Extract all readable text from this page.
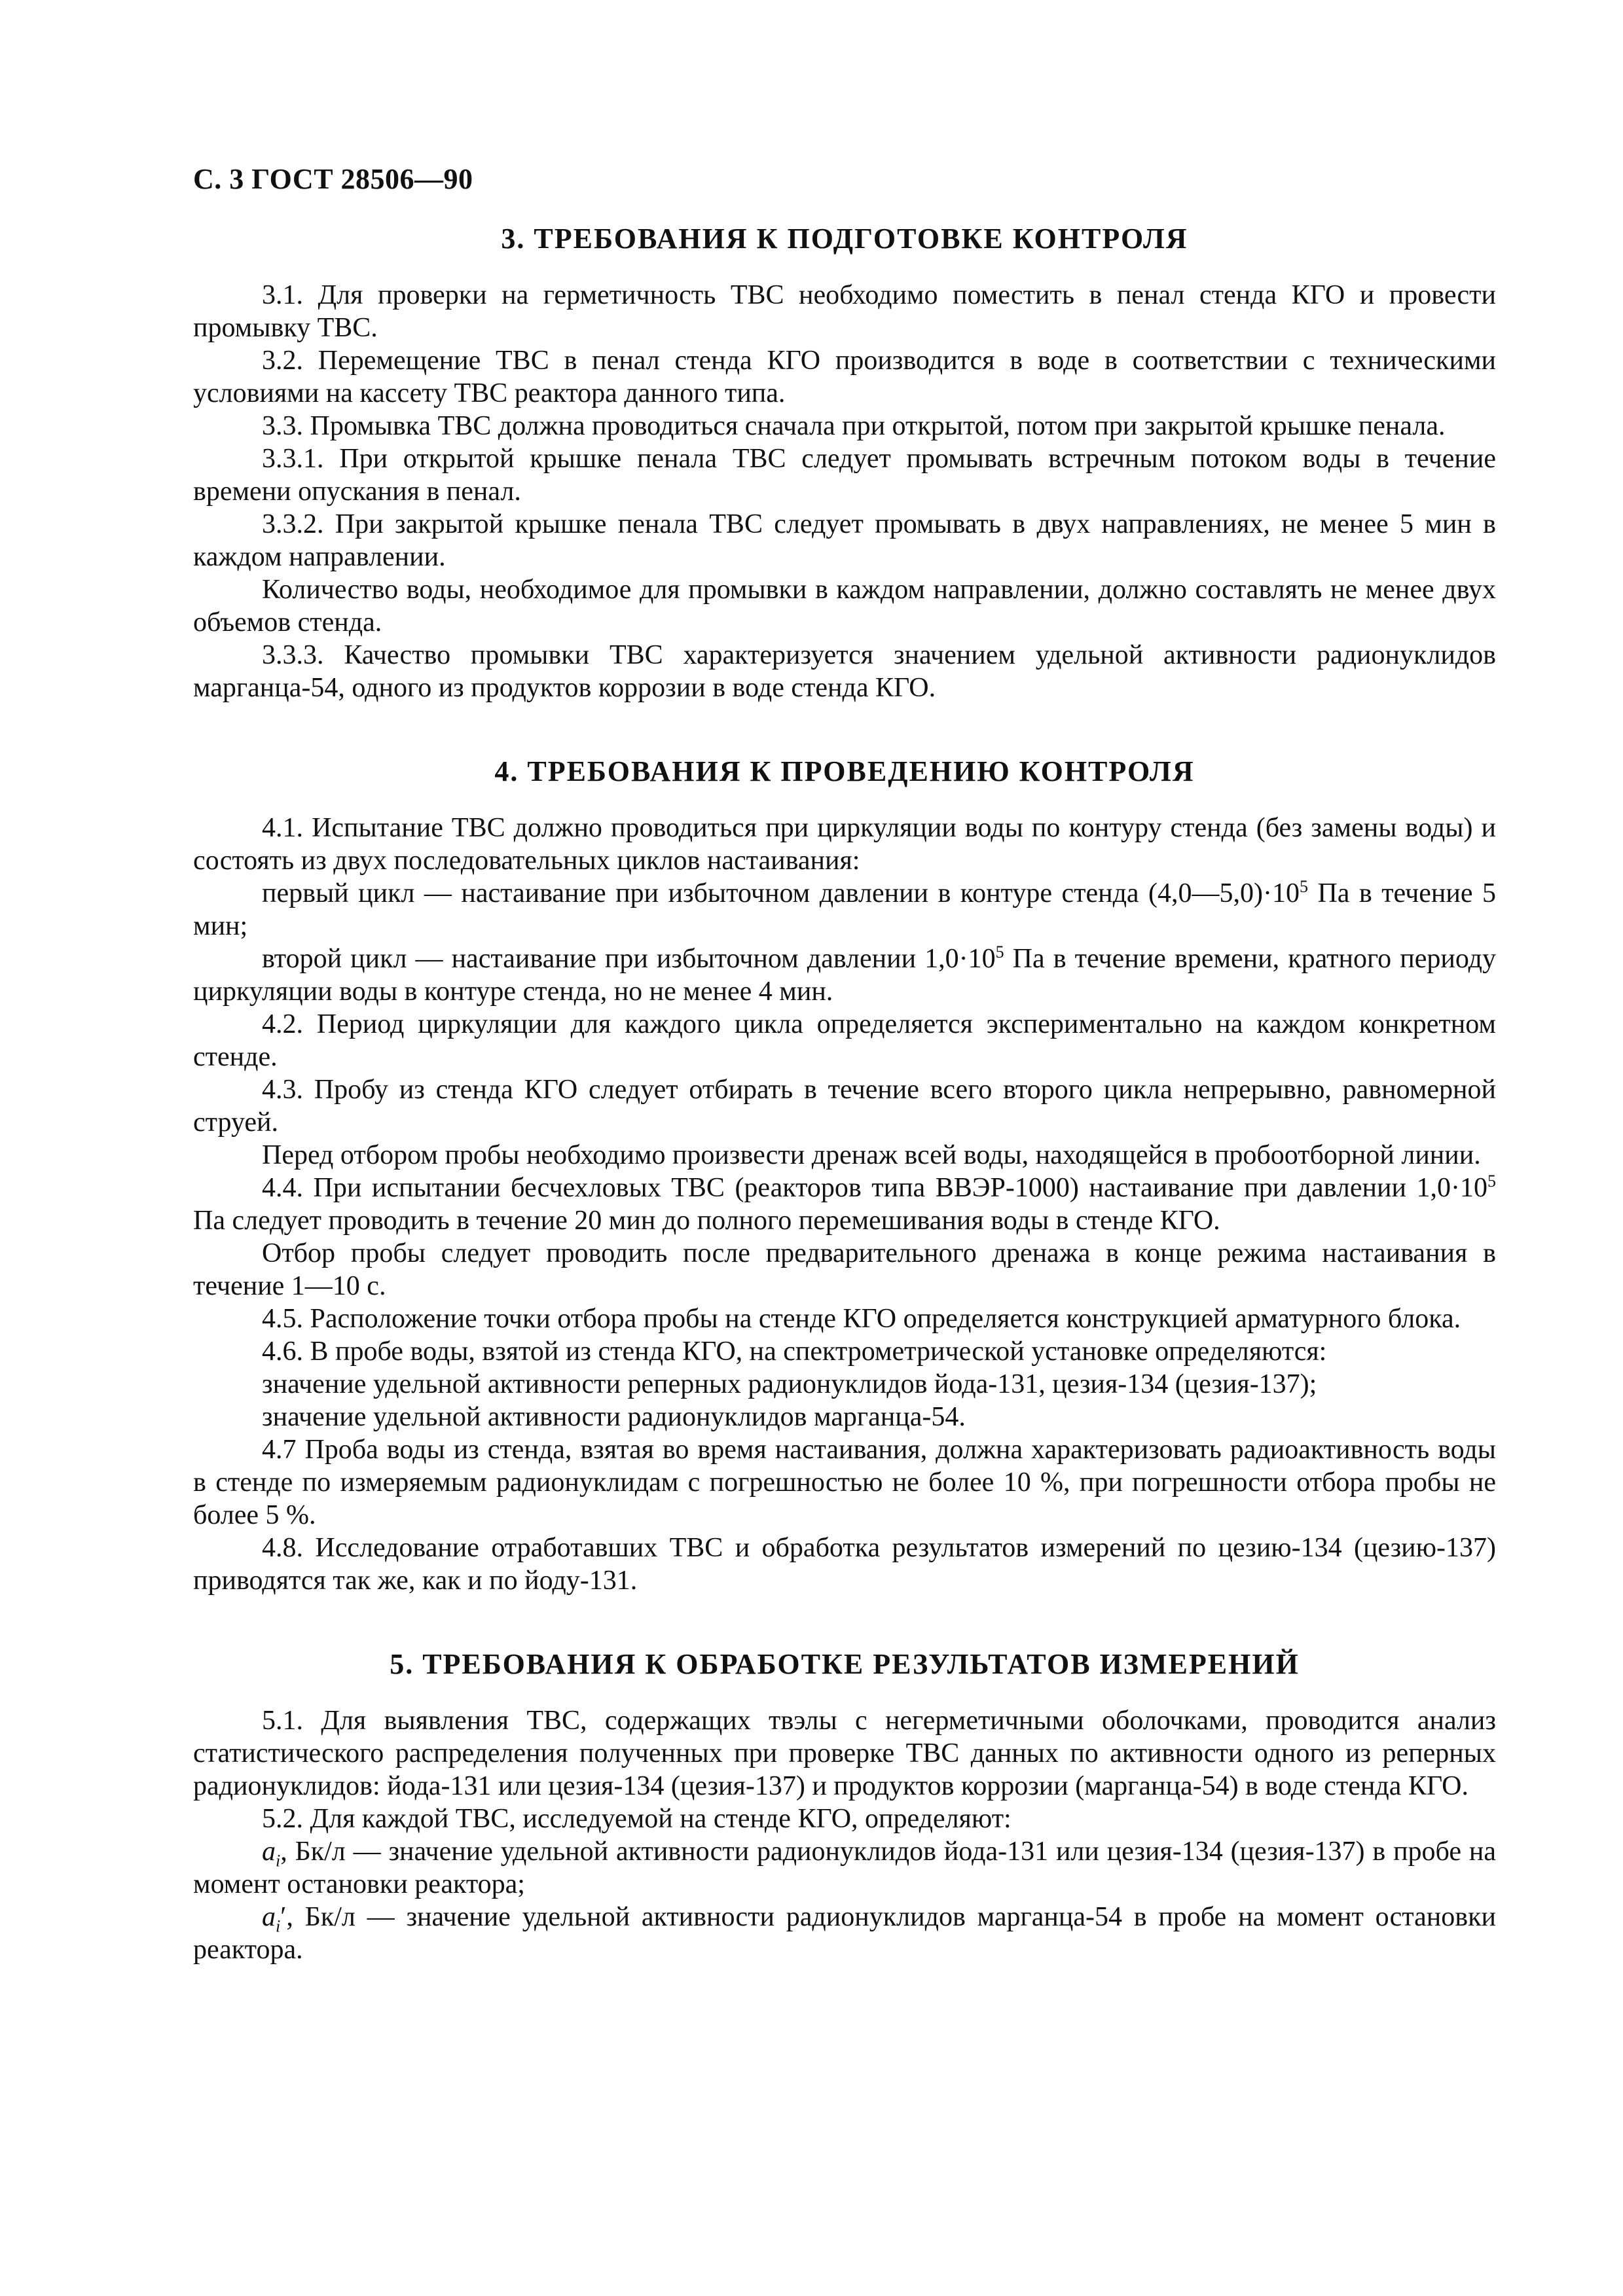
С. 3 ГОСТ 28506—90
3. ТРЕБОВАНИЯ К ПОДГОТОВКЕ КОНТРОЛЯ

3.1. Для проверки на герметичность ТВС необходимо поместить в пенал стенда КГО и провести промывку ТВС.

3.2. Перемещение ТВС в пенал стенда КГО производится в воде в соответствии с техническими условиями на кассету ТВС реактора данного типа.

3.3. Промывка ТВС должна проводиться сначала при открытой, потом при закрытой крышке пенала.

3.3.1. При открытой крышке пенала ТВС следует промывать встречным потоком воды в течение времени опускания в пенал.

3.3.2. При закрытой крышке пенала ТВС следует промывать в двух направлениях, не менее 5 мин в каждом направлении.

Количество воды, необходимое для промывки в каждом направлении, должно составлять не менее двух объемов стенда.

3.3.3. Качество промывки ТВС характеризуется значением удельной активности радионуклидов марганца-54, одного из продуктов коррозии в воде стенда КГО.

4. ТРЕБОВАНИЯ К ПРОВЕДЕНИЮ КОНТРОЛЯ

4.1. Испытание ТВС должно проводиться при циркуляции воды по контуру стенда (без замены воды) и состоять из двух последовательных циклов настаивания:

первый цикл — настаивание при избыточном давлении в контуре стенда $(4,0—5,0)\cdot 10^5$ Па в течение 5 мин;

второй цикл — настаивание при избыточном давлении $1,0\cdot 10^5$ Па в течение времени, кратного периоду циркуляции воды в контуре стенда, но не менее 4 мин.

4.2. Период циркуляции для каждого цикла определяется экспериментально на каждом конкретном стенде.

4.3. Пробу из стенда КГО следует отбирать в течение всего второго цикла непрерывно, равномерной струей.

Перед отбором пробы необходимо произвести дренаж всей воды, находящейся в пробоотборной линии.

4.4. При испытании бесчехловых ТВС (реакторов типа ВВЭР-1000) настаивание при давлении $1,0\cdot 10^5$ Па следует проводить в течение 20 мин до полного перемешивания воды в стенде КГО.

Отбор пробы следует проводить после предварительного дренажа в конце режима настаивания в течение 1—10 с.

4.5. Расположение точки отбора пробы на стенде КГО определяется конструкцией арматурного блока.

4.6. В пробе воды, взятой из стенда КГО, на спектрометрической установке определяются:

значение удельной активности реперных радионуклидов йода-131, цезия-134 (цезия-137);

значение удельной активности радионуклидов марганца-54.

4.7 Проба воды из стенда, взятая во время настаивания, должна характеризовать радиоактивность воды в стенде по измеряемым радионуклидам с погрешностью не более 10 %, при погрешности отбора пробы не более 5 %.

4.8. Исследование отработавших ТВС и обработка результатов измерений по цезию-134 (цезию-137) приводятся так же, как и по йоду-131.

5. ТРЕБОВАНИЯ К ОБРАБОТКЕ РЕЗУЛЬТАТОВ ИЗМЕРЕНИЙ

5.1. Для выявления ТВС, содержащих твэлы с негерметичными оболочками, проводится анализ статистического распределения полученных при проверке ТВС данных по активности одного из реперных радионуклидов: йода-131 или цезия-134 (цезия-137) и продуктов коррозии (марганца-54) в воде стенда КГО.

5.2. Для каждой ТВС, исследуемой на стенде КГО, определяют:

$a_i$, Бк/л — значение удельной активности радионуклидов йода-131 или цезия-134 (цезия-137) в пробе на момент остановки реактора;

$a_i'$, Бк/л — значение удельной активности радионуклидов марганца-54 в пробе на момент остановки реактора.
